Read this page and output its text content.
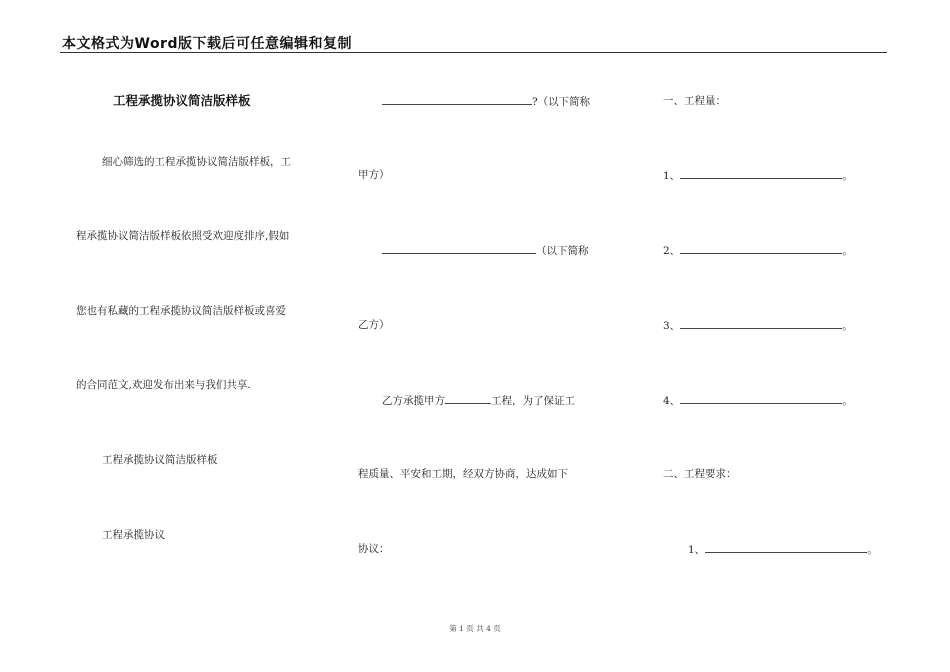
本文格式为Word版下载后可任意编辑和复制
工程承揽协议简洁版样板
细心筛选的工程承揽协议简洁版样板，工
程承揽协议简洁版样板依照受欢迎度排序,假如
您也有私藏的工程承揽协议简洁版样板或喜爱
的合同范文,欢迎发布出来与我们共享.
工程承揽协议简洁版样板
工程承揽协议
?（以下简称
甲方）
（以下简称
乙方）
乙方承揽甲方	工程，为了保证工
程质量、平安和工期，经双方协商，达成如下
协议：
一、工程量：
1、	。
2、	。
3、	。
4、	。
二、工程要求：
1、	。
第 1 页 共 4 页
